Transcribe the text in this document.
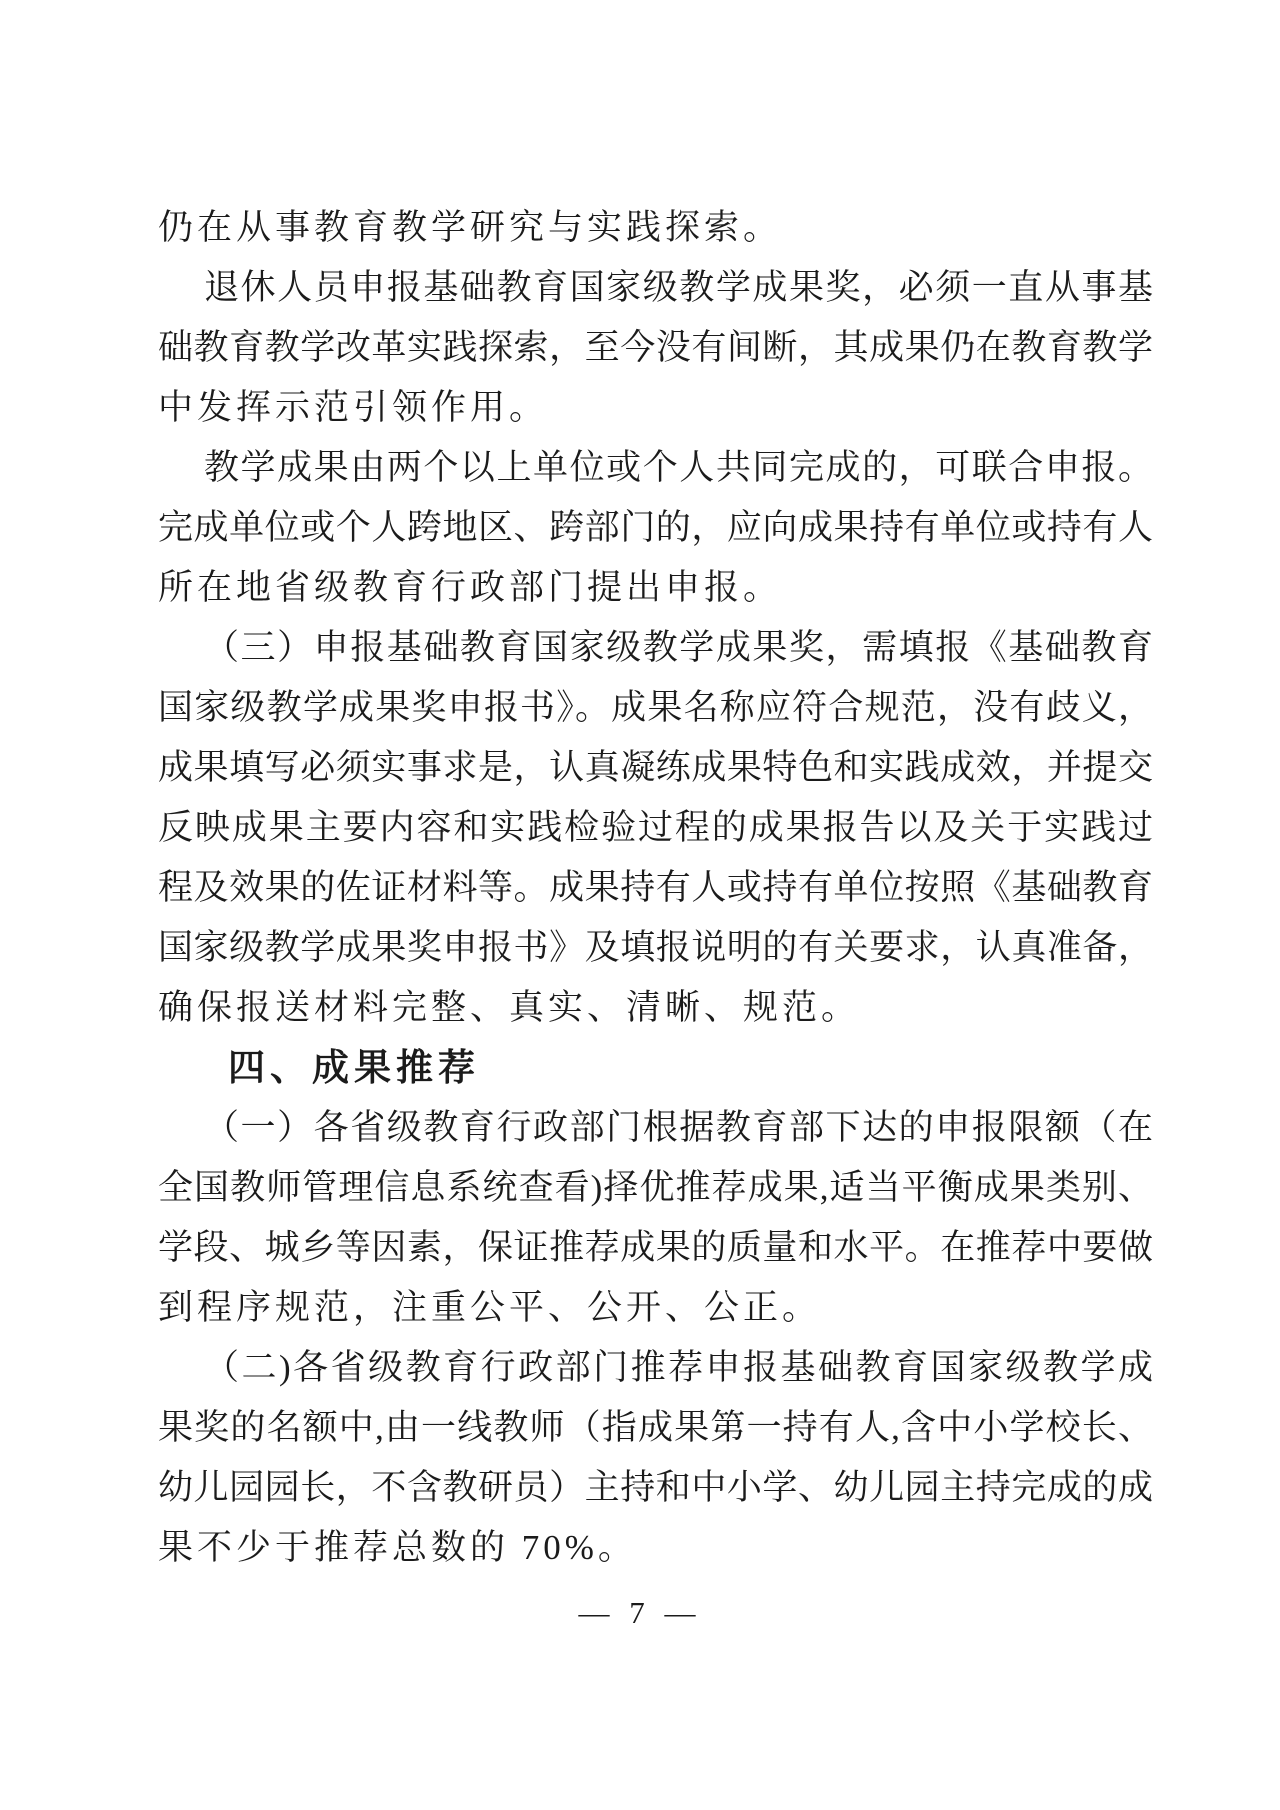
仍在从事教育教学研究与实践探索。
退休人员申报基础教育国家级教学成果奖，必须一直从事基
础教育教学改革实践探索，至今没有间断，其成果仍在教育教学
中发挥示范引领作用。
教学成果由两个以上单位或个人共同完成的，可联合申报。
完成单位或个人跨地区、跨部门的，应向成果持有单位或持有人
所在地省级教育行政部门提出申报。
（三）申报基础教育国家级教学成果奖，需填报《基础教育
国家级教学成果奖申报书》。成果名称应符合规范，没有歧义，
成果填写必须实事求是，认真凝练成果特色和实践成效，并提交
反映成果主要内容和实践检验过程的成果报告以及关于实践过
程及效果的佐证材料等。成果持有人或持有单位按照《基础教育
国家级教学成果奖申报书》及填报说明的有关要求，认真准备，
确保报送材料完整、真实、清晰、规范。
四、成果推荐
（一）各省级教育行政部门根据教育部下达的申报限额（在
全国教师管理信息系统查看)择优推荐成果,适当平衡成果类别、
学段、城乡等因素，保证推荐成果的质量和水平。在推荐中要做
到程序规范，注重公平、公开、公正。
（二)各省级教育行政部门推荐申报基础教育国家级教学成
果奖的名额中,由一线教师（指成果第一持有人,含中小学校长、
幼儿园园长，不含教研员）主持和中小学、幼儿园主持完成的成
果不少于推荐总数的 70%。
— 7 —
